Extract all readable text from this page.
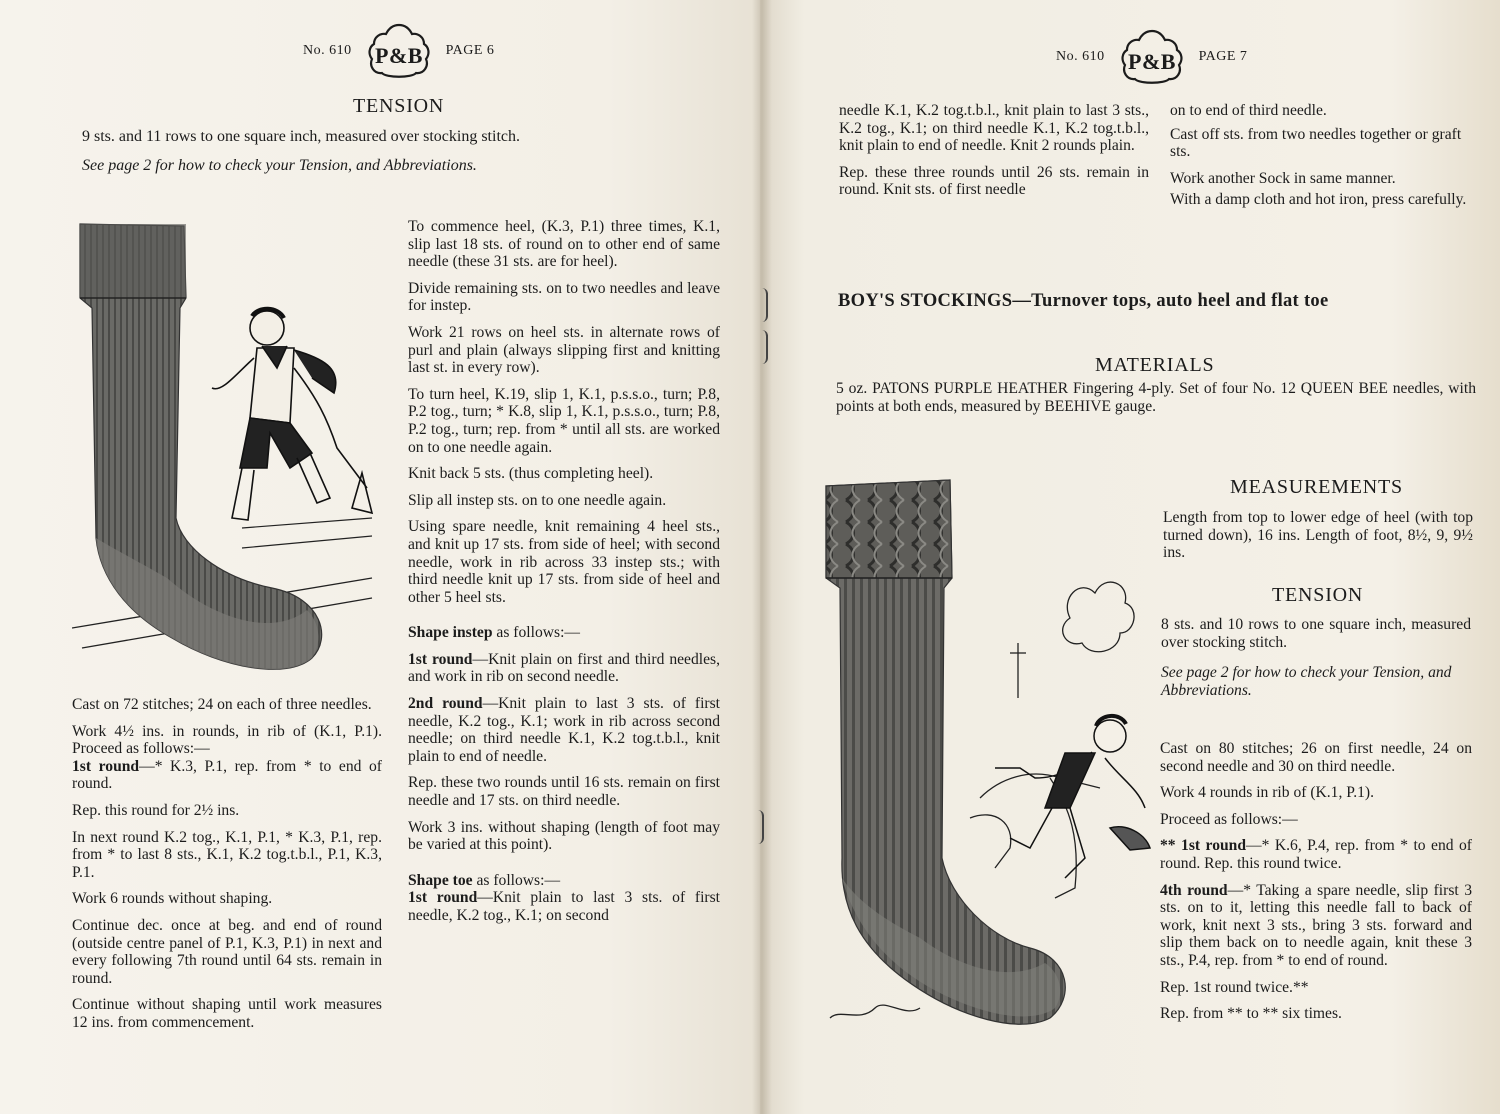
No. 610 P&B PAGE 6
TENSION
9 sts. and 11 rows to one square inch, measured over stocking stitch.
See page 2 for how to check your Tension, and Abbreviations.

Cast on 72 stitches; 24 on each of three needles.

Work 4½ ins. in rounds, in rib of (K.1, P.1). Proceed as follows:—

1st round—* K.3, P.1, rep. from * to end of round.

Rep. this round for 2½ ins.

In next round K.2 tog., K.1, P.1, * K.3, P.1, rep. from * to last 8 sts., K.1, K.2 tog.t.b.l., P.1, K.3, P.1.

Work 6 rounds without shaping.

Continue dec. once at beg. and end of round (outside centre panel of P.1, K.3, P.1) in next and every following 7th round until 64 sts. remain in round.

Continue without shaping until work measures 12 ins. from commencement.

To commence heel, (K.3, P.1) three times, K.1, slip last 18 sts. of round on to other end of same needle (these 31 sts. are for heel).

Divide remaining sts. on to two needles and leave for instep.

Work 21 rows on heel sts. in alternate rows of purl and plain (always slipping first and knitting last st. in every row).

To turn heel, K.19, slip 1, K.1, p.s.s.o., turn; P.8, P.2 tog., turn; * K.8, slip 1, K.1, p.s.s.o., turn; P.8, P.2 tog., turn; rep. from * until all sts. are worked on to one needle again.

Knit back 5 sts. (thus completing heel).

Slip all instep sts. on to one needle again.

Using spare needle, knit remaining 4 heel sts., and knit up 17 sts. from side of heel; with second needle, work in rib across 33 instep sts.; with third needle knit up 17 sts. from side of heel and other 5 heel sts.

Shape instep as follows:—

1st round—Knit plain on first and third needles, and work in rib on second needle.

2nd round—Knit plain to last 3 sts. of first needle, K.2 tog., K.1; work in rib across second needle; on third needle K.1, K.2 tog.t.b.l., knit plain to end of needle.

Rep. these two rounds until 16 sts. remain on first needle and 17 sts. on third needle.

Work 3 ins. without shaping (length of foot may be varied at this point).

Shape toe as follows:—

1st round—Knit plain to last 3 sts. of first needle, K.2 tog., K.1; on second

No. 610 P&B PAGE 7

needle K.1, K.2 tog.t.b.l., knit plain to last 3 sts., K.2 tog., K.1; on third needle K.1, K.2 tog.t.b.l., knit plain to end of needle. Knit 2 rounds plain.

Rep. these three rounds until 26 sts. remain in round. Knit sts. of first needle

on to end of third needle.

Cast off sts. from two needles together or graft sts.

Work another Sock in same manner.

With a damp cloth and hot iron, press carefully.

BOY'S STOCKINGS—Turnover tops, auto heel and flat toe
MATERIALS
5 oz. PATONS PURPLE HEATHER Fingering 4-ply. Set of four No. 12 QUEEN BEE needles, with points at both ends, measured by BEEHIVE gauge.
MEASUREMENTS
Length from top to lower edge of heel (with top turned down), 16 ins. Length of foot, 8½, 9, 9½ ins.
TENSION
8 sts. and 10 rows to one square inch, measured over stocking stitch.
See page 2 for how to check your Tension, and Abbreviations.

Cast on 80 stitches; 26 on first needle, 24 on second needle and 30 on third needle.

Work 4 rounds in rib of (K.1, P.1).

Proceed as follows:—

** 1st round—* K.6, P.4, rep. from * to end of round. Rep. this round twice.

4th round—* Taking a spare needle, slip first 3 sts. on to it, letting this needle fall to back of work, knit next 3 sts., bring 3 sts. forward and slip them back on to needle again, knit these 3 sts., P.4, rep. from * to end of round.

Rep. 1st round twice.**

Rep. from ** to ** six times.
